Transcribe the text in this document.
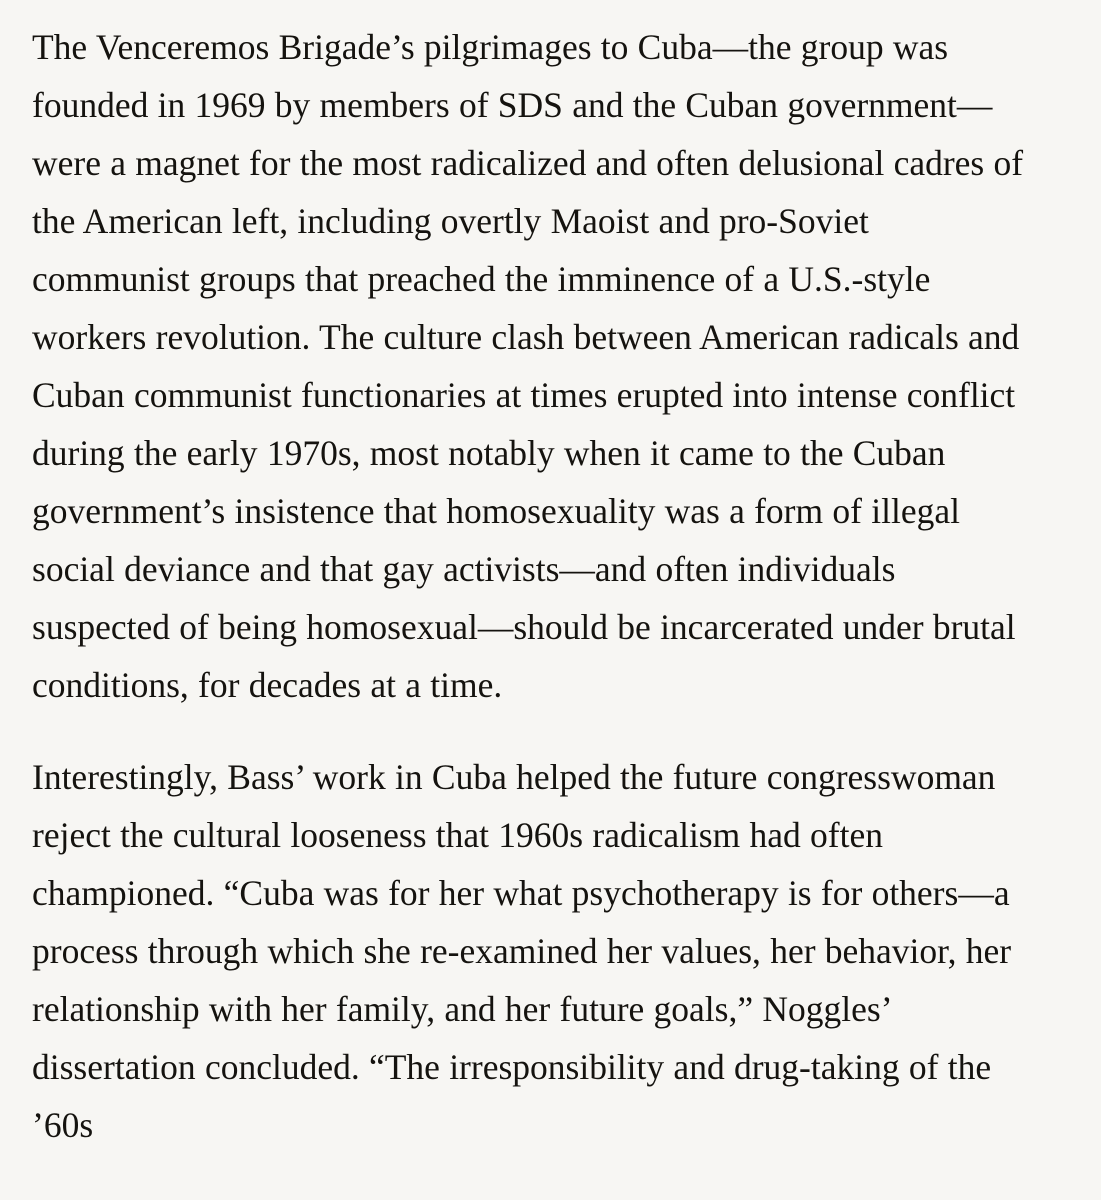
The Venceremos Brigade’s pilgrimages to Cuba—the group was founded in 1969 by members of SDS and the Cuban government—were a magnet for the most radicalized and often delusional cadres of the American left, including overtly Maoist and pro-Soviet communist groups that preached the imminence of a U.S.-style workers revolution. The culture clash between American radicals and Cuban communist functionaries at times erupted into intense conflict during the early 1970s, most notably when it came to the Cuban government’s insistence that homosexuality was a form of illegal social deviance and that gay activists—and often individuals suspected of being homosexual—should be incarcerated under brutal conditions, for decades at a time.

Interestingly, Bass’ work in Cuba helped the future congresswoman reject the cultural looseness that 1960s radicalism had often championed. “Cuba was for her what psychotherapy is for others—a process through which she re-examined her values, her behavior, her relationship with her family, and her future goals,” Noggles’ dissertation concluded. “The irresponsibility and drug-taking of the ’60s
